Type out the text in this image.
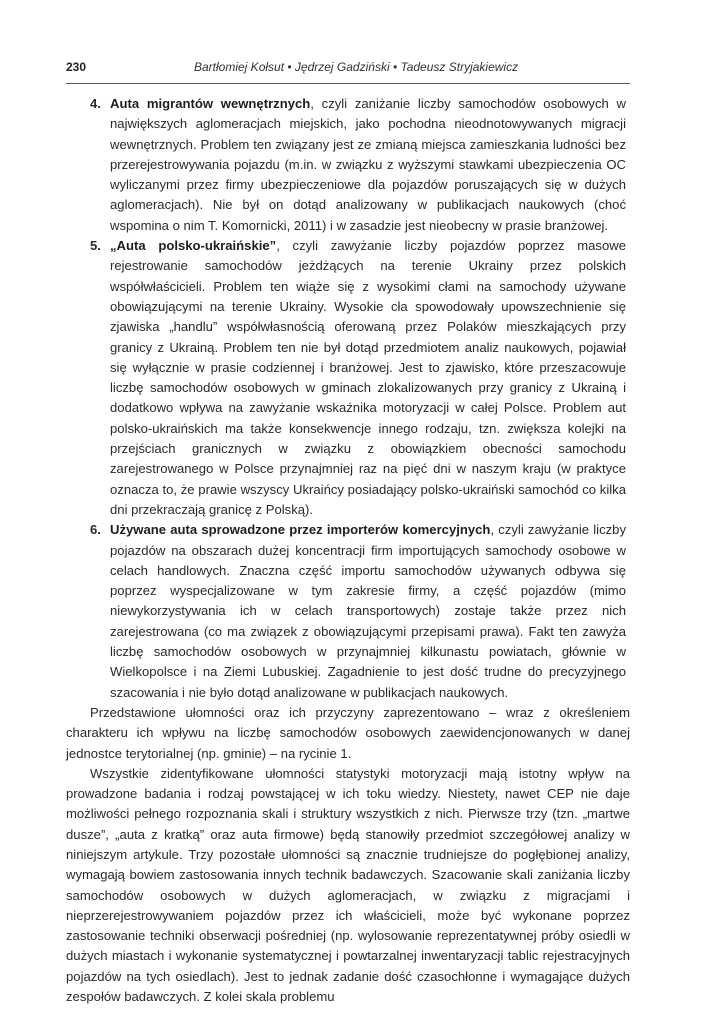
230	Bartłomiej Kołsut • Jędrzej Gadziński • Tadeusz Stryjakiewicz
4. Auta migrantów wewnętrznych, czyli zaniżanie liczby samochodów osobowych w największych aglomeracjach miejskich, jako pochodna nieodnotowywanych migracji wewnętrznych. Problem ten związany jest ze zmianą miejsca zamieszkania ludności bez przerejestrowywania pojazdu (m.in. w związku z wyższymi stawkami ubezpieczenia OC wyliczanymi przez firmy ubezpieczeniowe dla pojazdów poruszających się w dużych aglomeracjach). Nie był on dotąd analizowany w publikacjach naukowych (choć wspomina o nim T. Komornicki, 2011) i w zasadzie jest nieobecny w prasie branżowej.
5. „Auta polsko-ukraińskie”, czyli zawyżanie liczby pojazdów poprzez masowe rejestrowanie samochodów jeżdżących na terenie Ukrainy przez polskich współwłaścicieli. Problem ten wiąże się z wysokimi cłami na samochody używane obowiązującymi na terenie Ukrainy. Wysokie cła spowodowały upowszechnienie się zjawiska „handlu” współwłasnością oferowaną przez Polaków mieszkających przy granicy z Ukrainą. Problem ten nie był dotąd przedmiotem analiz naukowych, pojawiał się wyłącznie w prasie codziennej i branżowej. Jest to zjawisko, które przeszacowuje liczbę samochodów osobowych w gminach zlokalizowanych przy granicy z Ukrainą i dodatkowo wpływa na zawyżanie wskaźnika motoryzacji w całej Polsce. Problem aut polsko-ukraińskich ma także konsekwencje innego rodzaju, tzn. zwiększa kolejki na przejściach granicznych w związku z obowiązkiem obecności samochodu zarejestrowanego w Polsce przynajmniej raz na pięć dni w naszym kraju (w praktyce oznacza to, że prawie wszyscy Ukraińcy posiadający polsko-ukraiński samochód co kilka dni przekraczają granicę z Polską).
6. Używane auta sprowadzone przez importerów komercyjnych, czyli zawyżanie liczby pojazdów na obszarach dużej koncentracji firm importujących samochody osobowe w celach handlowych. Znaczna część importu samochodów używanych odbywa się poprzez wyspecjalizowane w tym zakresie firmy, a część pojazdów (mimo niewykorzystywania ich w celach transportowych) zostaje także przez nich zarejestrowana (co ma związek z obowiązującymi przepisami prawa). Fakt ten zawyża liczbę samochodów osobowych w przynajmniej kilkunastu powiatach, głównie w Wielkopolsce i na Ziemi Lubuskiej. Zagadnienie to jest dość trudne do precyzyjnego szacowania i nie było dotąd analizowane w publikacjach naukowych.

Przedstawione ułomności oraz ich przyczyny zaprezentowano – wraz z określeniem charakteru ich wpływu na liczbę samochodów osobowych zaewidencjonowanych w danej jednostce terytorialnej (np. gminie) – na rycinie 1.

Wszystkie zidentyfikowane ułomności statystyki motoryzacji mają istotny wpływ na prowadzone badania i rodzaj powstającej w ich toku wiedzy. Niestety, nawet CEP nie daje możliwości pełnego rozpoznania skali i struktury wszystkich z nich. Pierwsze trzy (tzn. „martwe dusze”, „auta z kratką” oraz auta firmowe) będą stanowiły przedmiot szczegółowej analizy w niniejszym artykule. Trzy pozostałe ułomności są znacznie trudniejsze do pogłębionej analizy, wymagają bowiem zastosowania innych technik badawczych. Szacowanie skali zaniżania liczby samochodów osobowych w dużych aglomeracjach, w związku z migracjami i nieprzerejestrowywaniem pojazdów przez ich właścicieli, może być wykonane poprzez zastosowanie techniki obserwacji pośredniej (np. wylosowanie reprezentatywnej próby osiedli w dużych miastach i wykonanie systematycznej i powtarzalnej inwentaryzacji tablic rejestracyjnych pojazdów na tych osiedlach). Jest to jednak zadanie dość czasochłonne i wymagające dużych zespołów badawczych. Z kolei skala problemu
